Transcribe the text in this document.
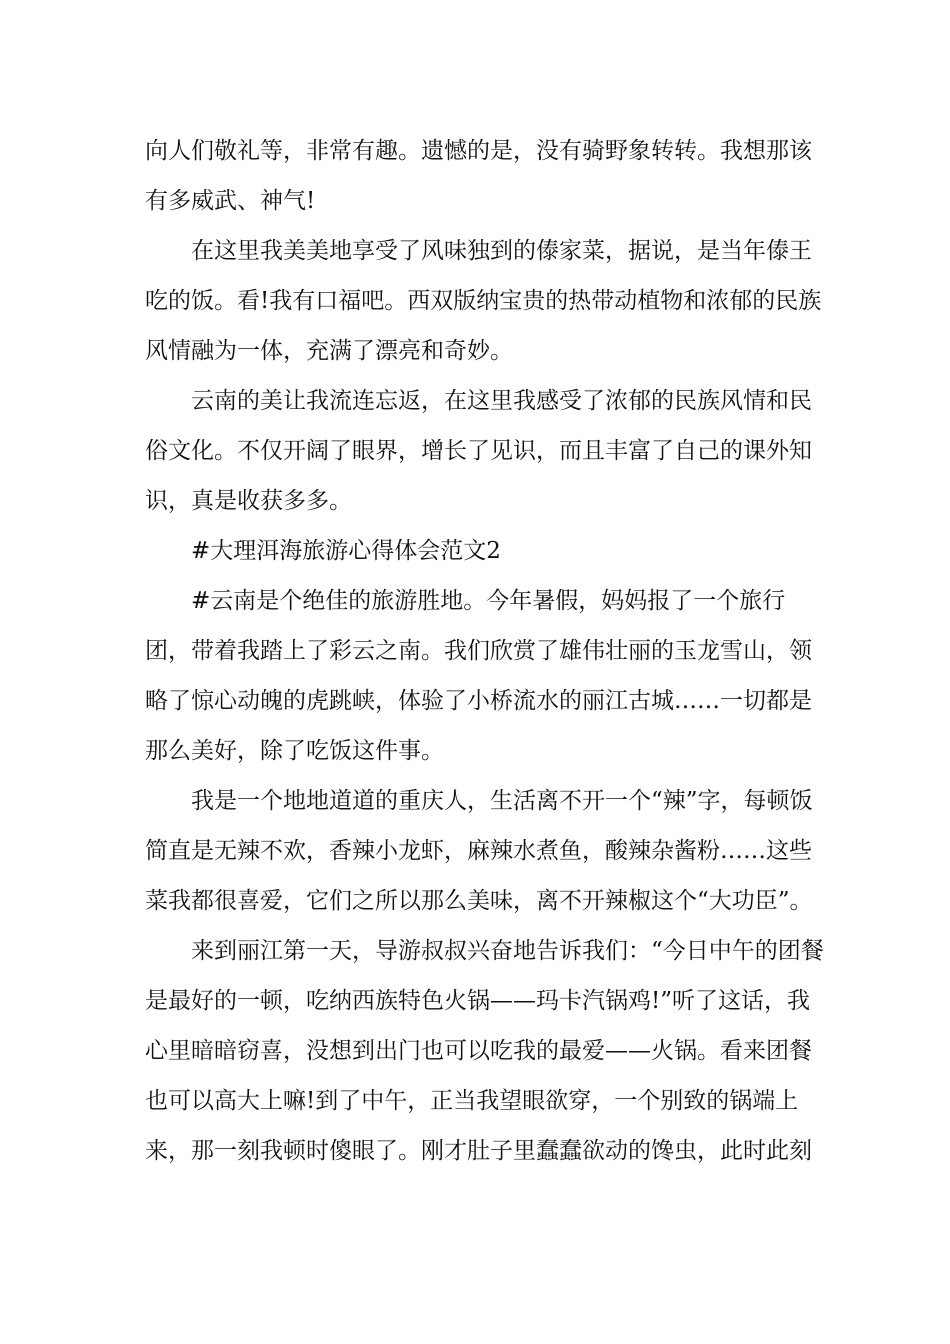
向人们敬礼等，非常有趣。遗憾的是，没有骑野象转转。我想那该有多威武、神气!

在这里我美美地享受了风味独到的傣家菜，据说，是当年傣王吃的饭。看!我有口福吧。西双版纳宝贵的热带动植物和浓郁的民族风情融为一体，充满了漂亮和奇妙。

云南的美让我流连忘返，在这里我感受了浓郁的民族风情和民俗文化。不仅开阔了眼界，增长了见识，而且丰富了自己的课外知识，真是收获多多。

#大理洱海旅游心得体会范文2

#云南是个绝佳的旅游胜地。今年暑假，妈妈报了一个旅行团，带着我踏上了彩云之南。我们欣赏了雄伟壮丽的玉龙雪山，领略了惊心动魄的虎跳峡，体验了小桥流水的丽江古城……一切都是那么美好，除了吃饭这件事。

我是一个地地道道的重庆人，生活离不开一个“辣”字，每顿饭简直是无辣不欢，香辣小龙虾，麻辣水煮鱼，酸辣杂酱粉……这些菜我都很喜爱，它们之所以那么美味，离不开辣椒这个“大功臣”。

来到丽江第一天，导游叔叔兴奋地告诉我们：“今日中午的团餐是最好的一顿，吃纳西族特色火锅——玛卡汽锅鸡!”听了这话，我心里暗暗窃喜，没想到出门也可以吃我的最爱——火锅。看来团餐也可以高大上嘛!到了中午，正当我望眼欲穿，一个别致的锅端上来，那一刻我顿时傻眼了。刚才肚子里蠢蠢欲动的馋虫，此时此刻
